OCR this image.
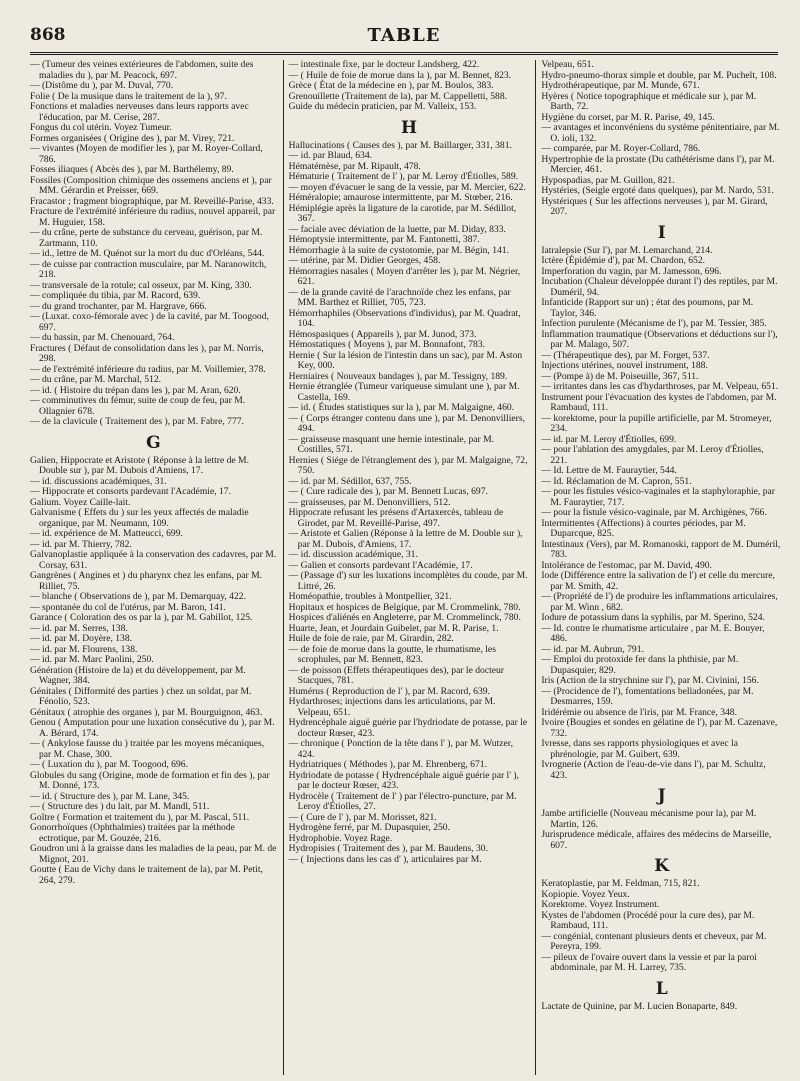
868	TABLE
— (Tumeur des veines extérieures de l'abdomen, suite des maladies du ), par M. Peacock, 697.
— (Distôme du ), par M. Duval, 770.
Folie ( De la musique dans le traitement de la ), 97.
Fonctions et maladies nerveuses dans leurs rapports avec l'éducation, par M. Cerise, 287.
Fongus du col utérin. Voyez Tumeur.
Formes organisées ( Origine des ), par M. Virey, 721.
— vivantes (Moyen de modifier les ), par M. Royer-Collard, 786.
Fosses iliaques ( Abcès des ), par M. Barthélemy, 89.
Fossiles (Composition chimique des ossemens anciens et ), par MM. Gérardin et Preisser, 669.
Fracastor ; fragment biographique, par M. Reveillé-Parise, 433.
Fracture de l'extrémité inférieure du radius, nouvel appareil, par M. Huguier, 158.
— du crâne, perte de substance du cerveau, guérison, par M. Zartmann, 110.
— id., lettre de M. Quénot sur la mort du duc d'Orléans, 544.
— de cuisse par contraction musculaire, par M. Naranowitch, 218.
— transversale de la rotule; cal osseux, par M. King, 330.
— compliquée du tibia, par M. Racord, 639.
— du grand trochanter, par M. Hargrave, 666.
— (Luxat. coxo-fémorale avec ) de la cavité, par M. Toogood, 697.
— du bassin, par M. Chenouard, 764.
Fractures ( Défaut de consolidation dans les ), par M. Norris, 298.
— de l'extrémité inférieure du radius, par M. Voillemier, 378.
— du crâne, par M. Marchal, 512.
— id. ( Histoire du trépan dans les ), par M. Aran, 620.
— comminutives du fémur, suite de coup de feu, par M. Ollagnier 678.
— de la clavicule ( Traitement des ), par M. Fabre, 777.
G
Galien, Hippocrate et Aristote ( Réponse à la lettre de M. Double sur ), par M. Dubois d'Amiens, 17.
— id. discussions académiques, 31.
— Hippocrate et consorts pardevant l'Académie, 17.
Galium. Voyez Caille-lait.
Galvanisme ( Effets du ) sur les yeux affectés de maladie organique, par M. Neumann, 109.
— id. expérience de M. Matteucci, 699.
— id. par M. Thierry, 782.
Galvanoplastie appliquée à la conservation des cadavres, par M. Corsay, 631.
Gangrènes ( Angines et ) du pharynx chez les enfans, par M. Rilliet, 75.
— blanche ( Observations de ), par M. Demarquay, 422.
— spontanée du col de l'utérus, par M. Baron, 141.
Garance ( Coloration des os par la ), par M. Gabillot, 125.
— id. par M. Serres, 138.
— id. par M. Doyère, 138.
— id. par M. Flourens, 138.
— id. par M. Marc Paolini, 250.
Génération (Histoire de la) et du développement, par M. Wagner, 384.
Génitales ( Difformité des parties ) chez un soldat, par M. Fénolio, 523.
Génitaux ( atrophie des organes ), par M. Bourguignon, 463.
Genou ( Amputation pour une luxation consécutive du ), par M. A. Bérard, 174.
— ( Ankylose fausse du ) traitée par les moyens mécaniques, par M. Chase, 300.
— ( Luxation du ), par M. Toogood, 696.
Globules du sang (Origine, mode de formation et fin des ), par M. Donné, 173.
— id. ( Structure des ), par M. Lane, 345.
— ( Structure des ) du lait, par M. Mandl, 511.
Goître ( Formation et traitement du ), par M. Pascal, 511.
Gonorrhoïques (Ophthalmies) traitées par la méthode ectrotique, par M. Gouzée, 216.
Goudron uni à la graisse dans les maladies de la peau, par M. de Mignot, 201.
Goutte ( Eau de Vichy dans le traitement de la), par M. Petit, 264, 279.
— intestinale fixe, par le docteur Landsberg, 422.
— ( Huile de foie de morue dans la ), par M. Bennet, 823.
Grèce ( État de la médecine en ), par M. Boulos, 383.
Grenouillette (Traitement de la), par M. Cappelletti, 588.
Guide du médecin praticien, par M. Valleix, 153.
H
Hallucinations ( Causes des ), par M. Baillarger, 331, 381.
— id. par Blaud, 634.
Hématémèse, par M. Ripault, 478.
Hématurie ( Traitement de l' ), par M. Leroy d'Étiolles, 589.
— moyen d'évacuer le sang de la vessie, par M. Mercier, 622.
Héméralopie; amaurose intermittente, par M. Stœber, 216.
Hémiplégie après la ligature de la carotide, par M. Sédillot, 367.
— faciale avec déviation de la luette, par M. Diday, 833.
Hémoptysie intermittente, par M. Fantonetti, 387.
Hémorrhagie à la suite de cystotomie, par M. Bégin, 141.
— utérine, par M. Didier Georges, 458.
Hémorragies nasales ( Moyen d'arrêter les ), par M. Négrier, 621.
— de la grande cavité de l'arachnoïde chez les enfans, par MM. Barthez et Rilliet, 705, 723.
Hémorrhaphiles (Observations d'individus), par M. Quadrat, 104.
Hémospasiques ( Appareils ), par M. Junod, 373.
Hémostatiques ( Moyens ), par M. Bonnafont, 783.
Hernie ( Sur la lésion de l'intestin dans un sac), par M. Aston Key, 000.
Herniaires ( Nouveaux bandages ), par M. Tessigny, 189.
Hernie étranglée (Tumeur variqueuse simulant une ), par M. Castella, 169.
— id. ( Études statistiques sur la ), par M. Malgaigne, 460.
— ( Corps étranger contenu dans une ), par M. Denonvilliers, 494.
— graisseuse masquant une hernie intestinale, par M. Costilles, 571.
Hernies ( Siége de l'étranglement des ), par M. Malgaigne, 72, 750.
— id. par M. Sédillot, 637, 755.
— ( Cure radicale des ), par M. Bennett Lucas, 697.
— graisseuses, par M. Denonvilliers, 512.
Hippocrate refusant les présens d'Artaxercès, tableau de Girodet, par M. Reveillé-Parise, 497.
— Aristote et Galien (Réponse à la lettre de M. Double sur ), par M. Dubois, d'Amiens, 17.
— id. discussion académique, 31.
— Galien et consorts pardevant l'Académie, 17.
— (Passage d') sur les luxations incomplètes du coude, par M. Littré, 26.
Homéopathie, troubles à Montpellier, 321.
Hopitaux et hospices de Belgique, par M. Crommelink, 780.
Hospices d'aliénés en Angleterre, par M. Crommelinck, 780.
Huarte, Jean, et Jourdain Guibelet, par M. R. Parise, 1.
Huile de foie de raie, par M. Girardin, 282.
— de foie de morue dans la goutte, le rhumatisme, les scrophules, par M. Bennett, 823.
— de poisson (Effets thérapeutiques des), par le docteur Stacques, 781.
Humérus ( Reproduction de l' ), par M. Racord, 639.
Hydarthroses; injections dans les articulations, par M. Velpeau, 651.
Hydrencéphale aiguë guérie par l'hydriodate de potasse, par le docteur Rœser, 423.
— chronique ( Ponction de la tête dans l' ), par M. Wutzer, 424.
Hydriatriques ( Méthodes ), par M. Ehrenberg, 671.
Hydriodate de potasse ( Hydrencéphale aiguë guérie par l' ), par le docteur Rœser, 423.
Hydrocèle ( Traitement de l' ) par l'électro-puncture, par M. Leroy d'Étiolles, 27.
— ( Cure de l' ), par M. Morisset, 821.
Hydrogène ferré, par M. Dupasquier, 250.
Hydrophobie. Voyez Rage.
Hydropisies ( Traitement des ), par M. Baudens, 30.
— ( Injections dans les cas d' ), articulaires par M.
Velpeau, 651.
Hydro-pneumo-thorax simple et double, par M. Puchelt, 108.
Hydrothérapeutique, par M. Munde, 671.
Hyères ( Notice topographique et médicale sur ), par M. Barth, 72.
Hygiène du corset, par M. R. Parise, 49, 145.
— avantages et inconvéniens du système pénitentiaire, par M. O. ioli, 132.
— comparée, par M. Royer-Collard, 786.
Hypertrophie de la prostate (Du cathétérisme dans l'), par M. Mercier, 461.
Hypospadias, par M. Guillon, 821.
Hystéries, (Seigle ergoté dans quelques), par M. Nardo, 531.
Hystériques ( Sur les affections nerveuses ), par M. Girard, 207.
I
Iatralepsie (Sur l'), par M. Lemarchand, 214.
Ictère (Épidémie d'), par M. Chardon, 652.
Imperforation du vagin, par M. Jamesson, 696.
Incubation (Chaleur développée durant l') des reptiles, par M. Duméril, 94.
Infanticide (Rapport sur un) ; état des poumons, par M. Taylor, 346.
Infection purulente (Mécanisme de l'), par M. Tessier, 385.
Inflammation traumatique (Observations et déductions sur l'), par M. Malago, 507.
— (Thérapeutique des), par M. Forget, 537.
Injections utérines, nouvel instrument, 188.
— (Pompe à) de M. Poiseuille, 367, 511.
— irritantes dans les cas d'hydarthroses, par M. Velpeau, 651.
Instrument pour l'évacuation des kystes de l'abdomen, par M. Rambaud, 111.
— korektome, pour la pupille artificielle, par M. Stromeyer, 234.
— id. par M. Leroy d'Étiolles, 699.
— pour l'ablation des amygdales, par M. Leroy d'Étiolles, 221.
— Id. Lettre de M. Fauraytier, 544.
— Id. Réclamation de M. Capron, 551.
— pour les fistules vésico-vaginales et la staphyloraphie, par M. Fauraytier, 717.
— pour la fistule vésico-vaginale, par M. Archigènes, 766.
Intermittentes (Affections) à courtes périodes, par M. Duparcque, 825.
Intestinaux (Vers), par M. Romanoski, rapport de M. Duméril, 783.
Intolérance de l'estomac, par M. David, 490.
Iode (Différence entre la salivation de l') et celle du mercure, par M. Smith, 42.
— (Propriété de l') de produire les inflammations articulaires, par M. Winn , 682.
Iodure de potassium dans la syphilis, par M. Sperino, 524.
— Id. contre le rhumatisme articulaire , par M. E. Bouyer, 486.
— id. par M. Aubrun, 791.
— Emploi du protoxide fer dans la phthisie, par M. Dupasquier, 829.
Iris (Action de la strychnine sur l'), par M. Civinini, 156.
— (Procidence de l'), fomentations belladonées, par M. Desmarres, 159.
Iridérémie ou absence de l'iris, par M. France, 348.
Ivoire (Bougies et sondes en gélatine de l'), par M. Cazenave, 732.
Ivresse, dans ses rapports physiologiques et avec la phrénologie, par M. Guibert, 639.
Ivrognerie (Action de l'eau-de-vie dans l'), par M. Schultz, 423.
J
Jambe artificielle (Nouveau mécanisme pour la), par M. Martin, 126.
Jurisprudence médicale, affaires des médecins de Marseille, 607.
K
Keratoplastie, par M. Feldman, 715, 821.
Kopiopie. Voyez Yeux.
Korektome. Voyez Instrument.
Kystes de l'abdomen (Procédé pour la cure des), par M. Rambaud, 111.
— congénial, contenant plusieurs dents et cheveux, par M. Pereyra, 199.
— pileux de l'ovaire ouvert dans la vessie et par la paroi abdominale, par M. H. Larrey, 735.
L
Lactate de Quinine, par M. Lucien Bonaparte, 849.
